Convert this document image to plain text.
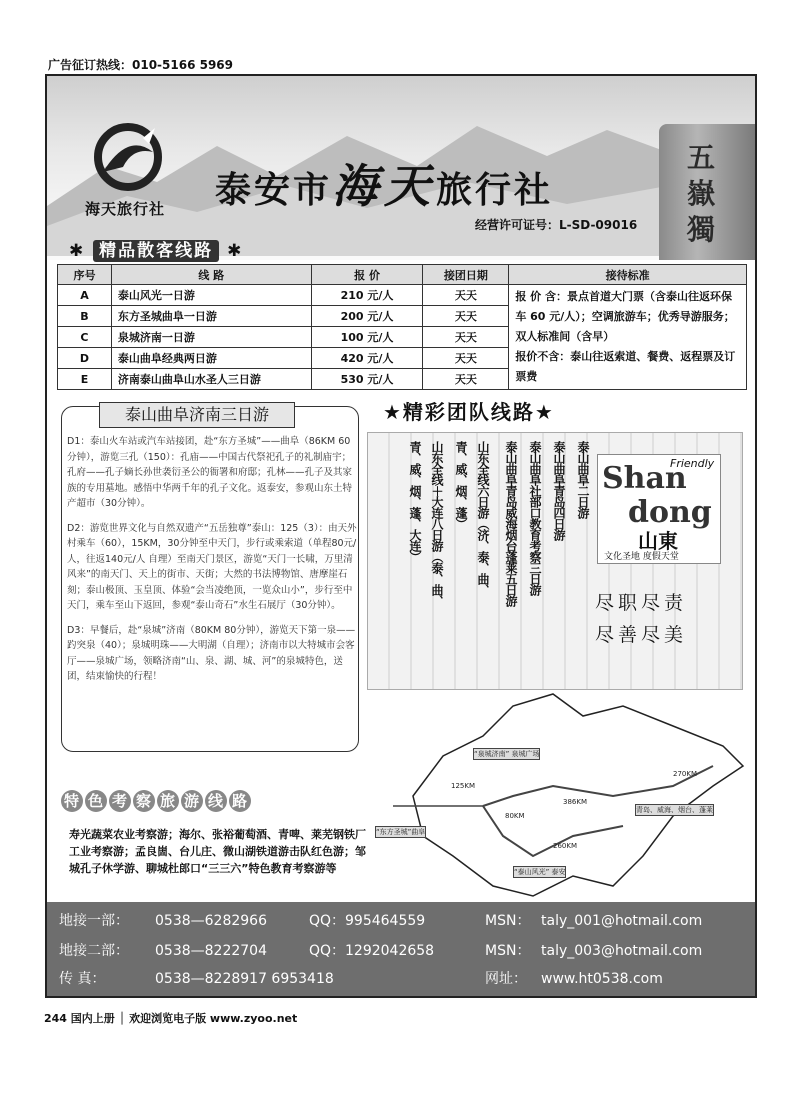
广告征订热线：010-5166 5969
海天旅行社 泰安市海天旅行社
经营许可证号：L-SD-09016
五嶽獨
✱ 精品散客线路 ✱
序号	线 路	报 价	接团日期	接待标准
A	泰山风光一日游	210 元/人	天天	报 价 含：景点首道大门票（含泰山往返环保车 60 元/人）；空调旅游车；优秀导游服务；双人标准间（含早）
报价不含：泰山往返索道、餐费、返程票及订票费
B	东方圣城曲阜一日游	200 元/人	天天	
C	泉城济南一日游	100 元/人	天天	
D	泰山曲阜经典两日游	420 元/人	天天	
E	济南泰山曲阜山水圣人三日游	530 元/人	天天	
泰山曲阜济南三日游

D1：泰山火车站或汽车站接团，赴“东方圣城”——曲阜（86KM 60分钟），游览三孔（150）：孔庙——中国古代祭祀孔子的礼制庙宇；孔府——孔子嫡长孙世袭衍圣公的衙署和府邸；孔林——孔子及其家族的专用墓地。感悟中华两千年的孔子文化。返泰安，参观山东土特产超市（30分钟）。

D2：游览世界文化与自然双遗产“五岳独尊”泰山：125（3）：由天外村乘车（60），15KM，30分钟至中天门，步行或乘索道（单程80元/人，往返140元/人 自理）至南天门景区，游览“天门一长啸，万里清风来”的南天门、天上的街市、天街；大然的书法博物馆、唐摩崖石刻；泰山极顶、玉皇顶、体验“会当凌绝顶，一览众山小”，步行至中天门，乘车至山下返回，参观“泰山奇石”水生石展厅（30分钟）。

D3：早餐后，赴“泉城”济南（80KM 80分钟），游览天下第一泉——趵突泉（40）；泉城明珠——大明湖（自理）；济南市以大特城市会客厅——泉城广场，领略济南“山、泉、湖、城、河”的泉城特色，送团，结束愉快的行程！

★精彩团队线路★
泰山曲阜二日游
泰山曲阜青岛四日游
泰山曲阜社部口教育考察三日游
泰山曲阜青岛威海烟台蓬莱五日游
山东全线六日游（济、泰、曲、
青、威、烟、蓬）
山东全线＋大连八日游（泰、曲、
青、威、烟、蓬、大连）	Friendly
Shan
dong
山東
文化圣地 度假天堂
尽职尽责
尽善尽美
“泉城济南” 泉城广场
“东方圣城”曲阜
“泰山风光” 泰安
青岛、威海、烟台、蓬莱
125KM
80KM
386KM
260KM
270KM
特 色 考 察 旅 游 线 路
寿光蔬菜农业考察游；海尔、张裕葡萄酒、青啤、莱芜钢铁厂工业考察游；孟良崮、台儿庄、微山湖铁道游击队红色游；邹城孔子休学游、聊城杜郎口“三三六”特色教育考察游等
地接一部： 0538—6282966	QQ：995464559	MSN： taly_001@hotmail.com
地接二部： 0538—8222704	QQ：1292042658	MSN： taly_003@hotmail.com
传 真：	0538—8228917 6953418	网址： www.ht0538.com
244 国内上册 │ 欢迎浏览电子版 www.zyoo.net
